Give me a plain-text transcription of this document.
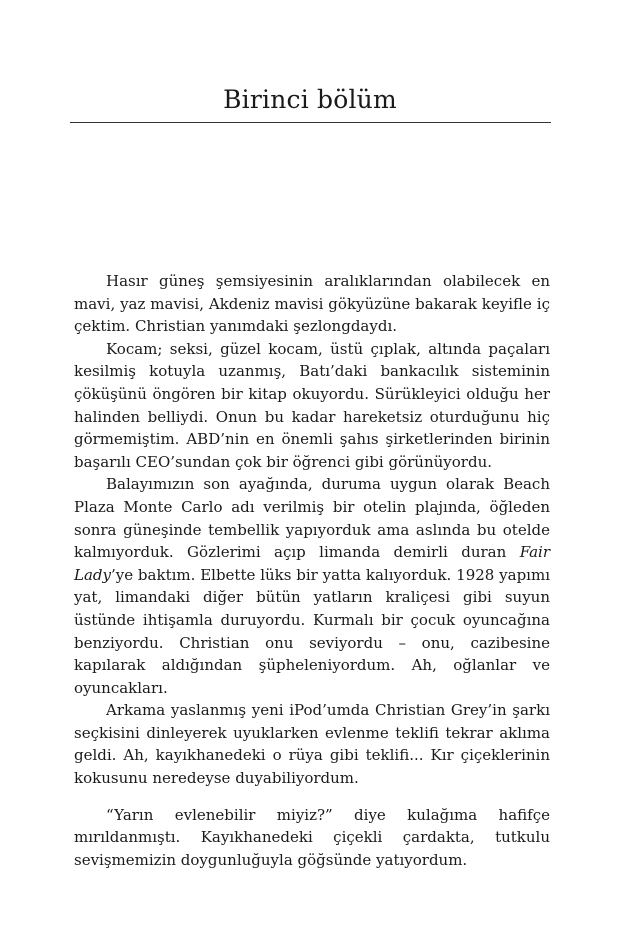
Birinci bölüm

Hasır güneş şemsiyesinin aralıklarından olabilecek en mavi, yaz mavisi, Akdeniz mavisi gökyüzüne bakarak keyifle iç çektim. Christian yanımdaki şezlongdaydı.

Kocam; seksi, güzel kocam, üstü çıplak, altında paçaları kesilmiş kotuyla uzanmış, Batı’daki bankacılık sisteminin çöküşünü öngören bir kitap okuyordu. Sürükleyici olduğu her halinden belliydi. Onun bu kadar hareketsiz oturduğunu hiç görmemiştim. ABD’nin en önemli şahıs şirketlerinden birinin başarılı CEO’sundan çok bir öğrenci gibi görünüyordu.

Balayımızın son ayağında, duruma uygun olarak Beach Plaza Monte Carlo adı verilmiş bir otelin plajında, öğleden sonra güneşinde tembellik yapıyorduk ama aslında bu otelde kalmıyorduk. Gözlerimi açıp limanda demirli duran Fair Lady’ye baktım. Elbette lüks bir yatta kalıyorduk. 1928 yapımı yat, limandaki diğer bütün yatların kraliçesi gibi suyun üstünde ihtişamla duruyordu. Kurmalı bir çocuk oyuncağına benziyordu. Christian onu seviyordu – onu, cazibesine kapılarak aldığından şüpheleniyordum. Ah, oğlanlar ve oyuncakları.

Arkama yaslanmış yeni iPod’umda Christian Grey’in şarkı seçkisini dinleyerek uyuklarken evlenme teklifi tekrar aklıma geldi. Ah, kayıkhanedeki o rüya gibi teklifi... Kır çiçeklerinin kokusunu neredeyse duyabiliyordum.

“Yarın evlenebilir miyiz?” diye kulağıma hafifçe mırıldanmıştı. Kayıkhanedeki çiçekli çardakta, tutkulu sevişmemizin doygunluğuyla göğsünde yatıyordum.
